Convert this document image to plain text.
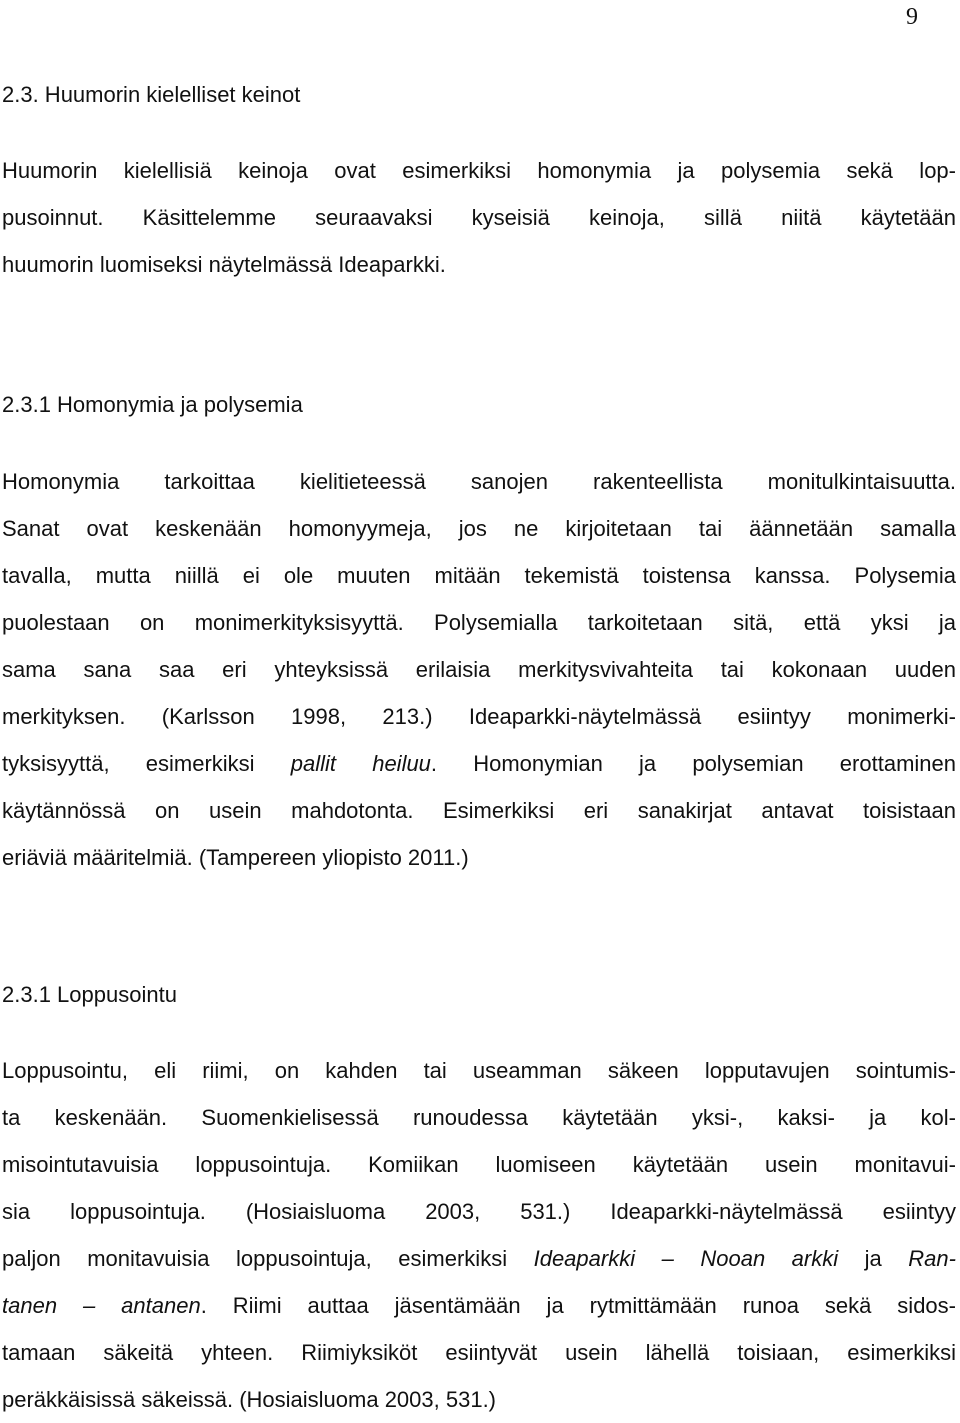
9
2.3. Huumorin kielelliset keinot
Huumorin kielellisiä keinoja ovat esimerkiksi homonymia ja polysemia sekä lop-
pusoinnut. Käsittelemme seuraavaksi kyseisiä keinoja, sillä niitä käytetään
huumorin luomiseksi näytelmässä Ideaparkki.
2.3.1 Homonymia ja polysemia
Homonymia tarkoittaa kielitieteessä sanojen rakenteellista monitulkintaisuutta.
Sanat ovat keskenään homonyymeja, jos ne kirjoitetaan tai äännetään samalla
tavalla, mutta niillä ei ole muuten mitään tekemistä toistensa kanssa. Polysemia
puolestaan on monimerkityksisyyttä. Polysemialla tarkoitetaan sitä, että yksi ja
sama sana saa eri yhteyksissä erilaisia merkitysvivahteita tai kokonaan uuden
merkityksen. (Karlsson 1998, 213.) Ideaparkki-näytelmässä esiintyy monimerki-
tyksisyyttä, esimerkiksi pallit heiluu. Homonymian ja polysemian erottaminen
käytännössä on usein mahdotonta. Esimerkiksi eri sanakirjat antavat toisistaan
eriäviä määritelmiä. (Tampereen yliopisto 2011.)
2.3.1 Loppusointu
Loppusointu, eli riimi, on kahden tai useamman säkeen lopputavujen sointumis-
ta keskenään. Suomenkielisessä runoudessa käytetään yksi-, kaksi- ja kol-
misointutavuisia loppusointuja. Komiikan luomiseen käytetään usein monitavui-
sia loppusointuja. (Hosiaisluoma 2003, 531.) Ideaparkki-näytelmässä esiintyy
paljon monitavuisia loppusointuja, esimerkiksi Ideaparkki – Nooan arkki ja Ran-
tanen – antanen. Riimi auttaa jäsentämään ja rytmittämään runoa sekä sidos-
tamaan säkeitä yhteen. Riimiyksiköt esiintyvät usein lähellä toisiaan, esimerkiksi
peräkkäisissä säkeissä. (Hosiaisluoma 2003, 531.)
